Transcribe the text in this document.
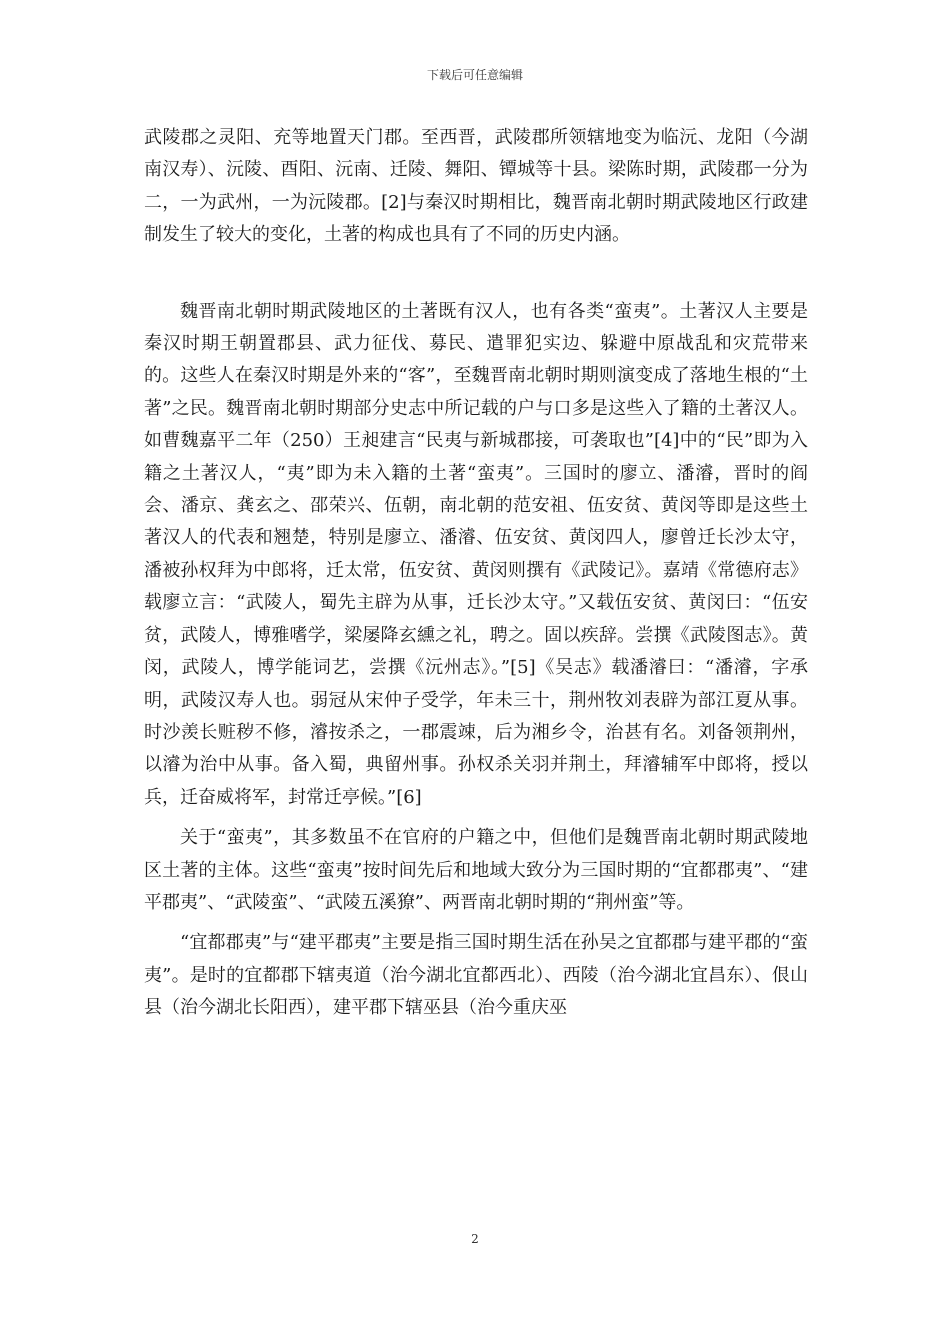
下载后可任意编辑

武陵郡之灵阳、充等地置天门郡。至西晋，武陵郡所领辖地变为临沅、龙阳（今湖南汉寿）、沅陵、酉阳、沅南、迁陵、舞阳、镡城等十县。梁陈时期，武陵郡一分为二，一为武州，一为沅陵郡。[2]与秦汉时期相比，魏晋南北朝时期武陵地区行政建制发生了较大的变化，土著的构成也具有了不同的历史内涵。

魏晋南北朝时期武陵地区的土著既有汉人，也有各类“蛮夷”。土著汉人主要是秦汉时期王朝置郡县、武力征伐、募民、遣罪犯实边、躲避中原战乱和灾荒带来的。这些人在秦汉时期是外来的“客”，至魏晋南北朝时期则演变成了落地生根的“土著”之民。魏晋南北朝时期部分史志中所记载的户与口多是这些入了籍的土著汉人。如曹魏嘉平二年（250）王昶建言“民夷与新城郡接，可袭取也”[4]中的“民”即为入籍之土著汉人，“夷”即为未入籍的土著“蛮夷”。三国时的廖立、潘濬，晋时的阎会、潘京、龚玄之、邵荣兴、伍朝，南北朝的范安祖、伍安贫、黄闵等即是这些土著汉人的代表和翘楚，特别是廖立、潘濬、伍安贫、黄闵四人，廖曾迁长沙太守，潘被孙权拜为中郎将，迁太常，伍安贫、黄闵则撰有《武陵记》。嘉靖《常德府志》载廖立言：“武陵人，蜀先主辟为从事，迁长沙太守。”又载伍安贫、黄闵曰：“伍安贫，武陵人，博雅嗜学，梁屡降玄纁之礼，聘之。固以疾辞。尝撰《武陵图志》。黄闵，武陵人，博学能词艺，尝撰《沅州志》。”[5]《吴志》载潘濬曰：“潘濬，字承明，武陵汉寿人也。弱冠从宋仲子受学，年未三十，荆州牧刘表辟为部江夏从事。时沙羡长赃秽不修，濬按杀之，一郡震竦，后为湘乡令，治甚有名。刘备领荆州，以濬为治中从事。备入蜀，典留州事。孙权杀关羽并荆土，拜濬辅军中郎将，授以兵，迁奋威将军，封常迁亭候。”[6]

关于“蛮夷”，其多数虽不在官府的户籍之中，但他们是魏晋南北朝时期武陵地区土著的主体。这些“蛮夷”按时间先后和地域大致分为三国时期的“宜都郡夷”、“建平郡夷”、“武陵蛮”、“武陵五溪獠”、两晋南北朝时期的“荆州蛮”等。

“宜都郡夷”与“建平郡夷”主要是指三国时期生活在孙吴之宜都郡与建平郡的“蛮夷”。是时的宜都郡下辖夷道（治今湖北宜都西北）、西陵（治今湖北宜昌东）、佷山县（治今湖北长阳西），建平郡下辖巫县（治今重庆巫

2
